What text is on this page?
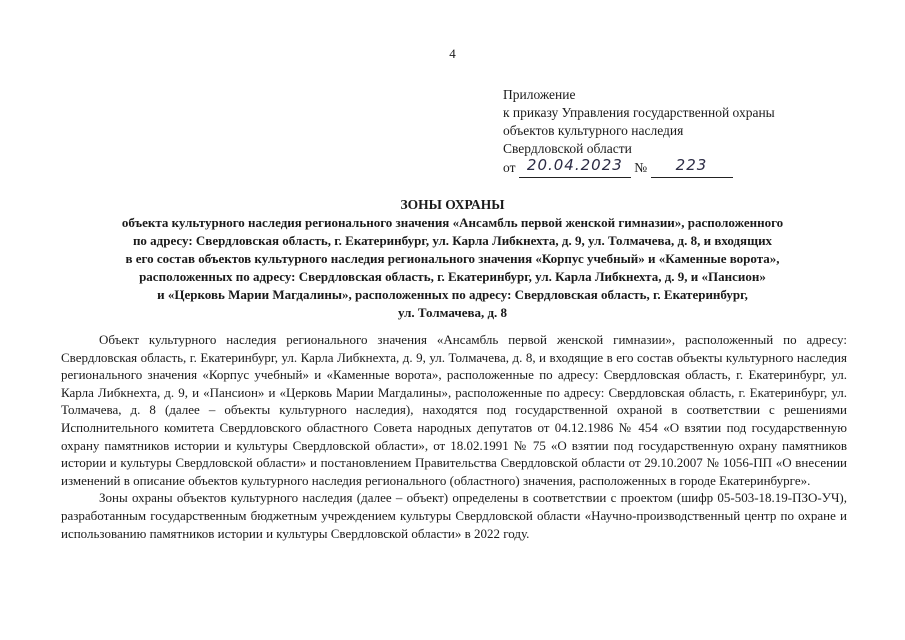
4
Приложение
к приказу Управления государственной охраны
объектов культурного наследия
Свердловской области
от 20.04.2023 № 223
ЗОНЫ ОХРАНЫ
объекта культурного наследия регионального значения «Ансамбль первой женской гимназии», расположенного
по адресу: Свердловская область, г. Екатеринбург, ул. Карла Либкнехта, д. 9, ул. Толмачева, д. 8, и входящих
в его состав объектов культурного наследия регионального значения «Корпус учебный» и «Каменные ворота»,
расположенных по адресу: Свердловская область, г. Екатеринбург, ул. Карла Либкнехта, д. 9, и «Пансион»
и «Церковь Марии Магдалины», расположенных по адресу: Свердловская область, г. Екатеринбург,
ул. Толмачева, д. 8

Объект культурного наследия регионального значения «Ансамбль первой женской гимназии», расположенный по адресу: Свердловская область, г. Екатеринбург, ул. Карла Либкнехта, д. 9, ул. Толмачева, д. 8, и входящие в его состав объекты культурного наследия регионального значения «Корпус учебный» и «Каменные ворота», расположенные по адресу: Свердловская область, г. Екатеринбург, ул. Карла Либкнехта, д. 9, и «Пансион» и «Церковь Марии Магдалины», расположенные по адресу: Свердловская область, г. Екатеринбург, ул. Толмачева, д. 8 (далее – объекты культурного наследия), находятся под государственной охраной в соответствии с решениями Исполнительного комитета Свердловского областного Совета народных депутатов от 04.12.1986 № 454 «О взятии под государственную охрану памятников истории и культуры Свердловской области», от 18.02.1991 № 75 «О взятии под государственную охрану памятников истории и культуры Свердловской области» и постановлением Правительства Свердловской области от 29.10.2007 № 1056-ПП «О внесении изменений в описание объектов культурного наследия регионального (областного) значения, расположенных в городе Екатеринбурге».

Зоны охраны объектов культурного наследия (далее – объект) определены в соответствии с проектом (шифр 05-503-18.19-ПЗО-УЧ), разработанным государственным бюджетным учреждением культуры Свердловской области «Научно-производственный центр по охране и использованию памятников истории и культуры Свердловской области» в 2022 году.
